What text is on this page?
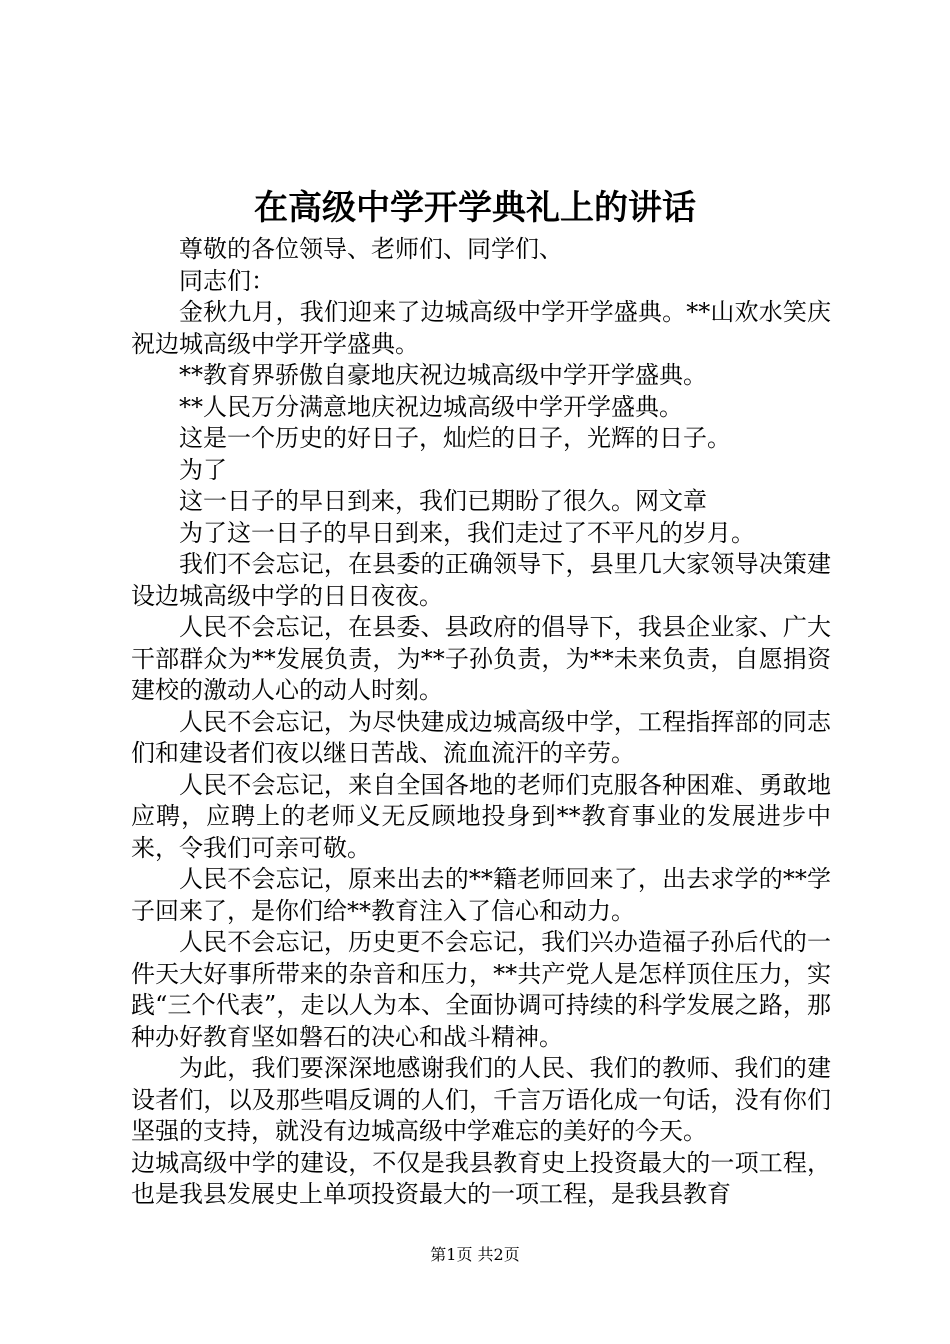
在高级中学开学典礼上的讲话

尊敬的各位领导、老师们、同学们、

同志们：

金秋九月，我们迎来了边城高级中学开学盛典。**山欢水笑庆祝边城高级中学开学盛典。

**教育界骄傲自豪地庆祝边城高级中学开学盛典。

**人民万分满意地庆祝边城高级中学开学盛典。

这是一个历史的好日子，灿烂的日子，光辉的日子。

为了

这一日子的早日到来，我们已期盼了很久。网文章

为了这一日子的早日到来，我们走过了不平凡的岁月。

我们不会忘记，在县委的正确领导下，县里几大家领导决策建设边城高级中学的日日夜夜。

人民不会忘记，在县委、县政府的倡导下，我县企业家、广大干部群众为**发展负责，为**子孙负责，为**未来负责，自愿捐资建校的激动人心的动人时刻。

人民不会忘记，为尽快建成边城高级中学，工程指挥部的同志们和建设者们夜以继日苦战、流血流汗的辛劳。

人民不会忘记，来自全国各地的老师们克服各种困难、勇敢地应聘，应聘上的老师义无反顾地投身到**教育事业的发展进步中来，令我们可亲可敬。

人民不会忘记，原来出去的**籍老师回来了，出去求学的**学子回来了，是你们给**教育注入了信心和动力。

人民不会忘记，历史更不会忘记，我们兴办造福子孙后代的一件天大好事所带来的杂音和压力，**共产党人是怎样顶住压力，实践“三个代表”，走以人为本、全面协调可持续的科学发展之路，那种办好教育坚如磐石的决心和战斗精神。

为此，我们要深深地感谢我们的人民、我们的教师、我们的建设者们，以及那些唱反调的人们，千言万语化成一句话，没有你们坚强的支持，就没有边城高级中学难忘的美好的今天。

边城高级中学的建设，不仅是我县教育史上投资最大的一项工程，也是我县发展史上单项投资最大的一项工程，是我县教育

第1页 共2页
